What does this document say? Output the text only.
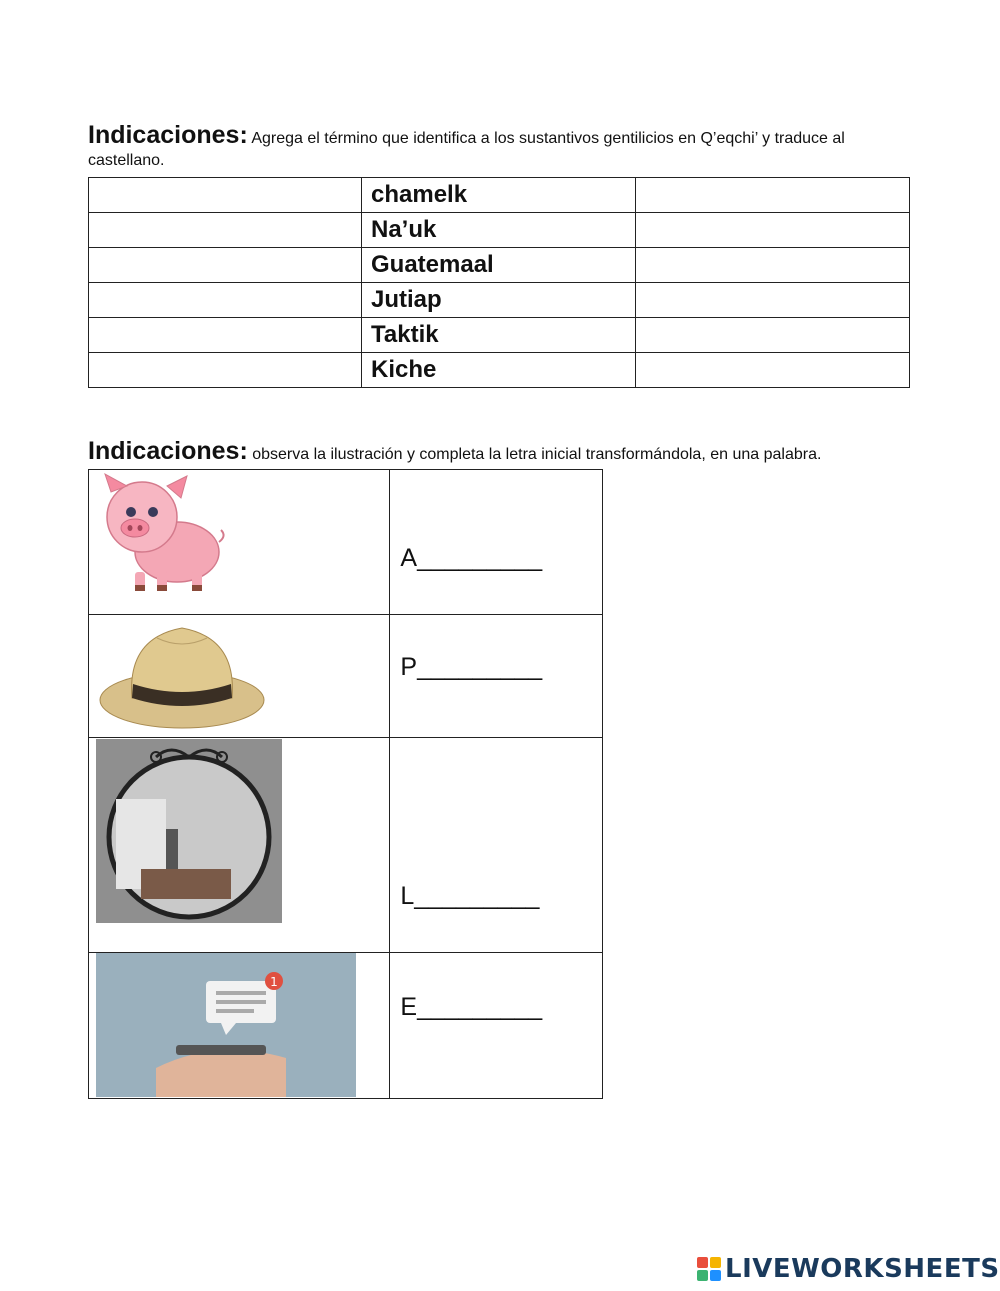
Indicaciones: Agrega el término que identifica a los sustantivos gentilicios en Q’eqchi’ y traduce al castellano.
	chamelk	
	Na’uk	
	Guatemaal	
	Jutiap	
	Taktik	
	Kiche	
Indicaciones: observa la ilustración y completa la letra inicial transformándola, en una palabra.

A_________

P_________

L_________

1	E_________
LIVEWORKSHEETS
